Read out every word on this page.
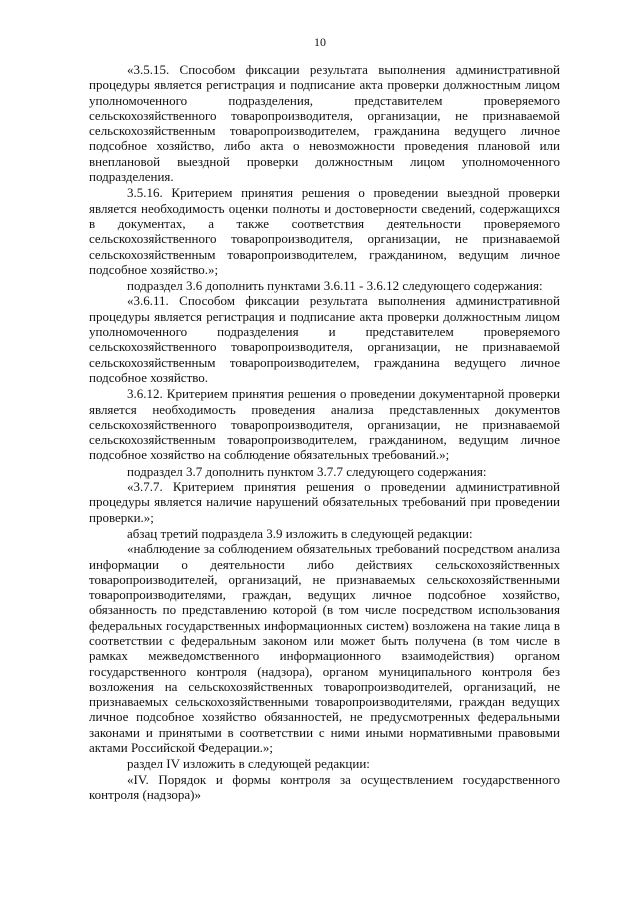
10

«3.5.15. Способом фиксации результата выполнения административной процедуры является регистрация и подписание акта проверки должностным лицом уполномоченного подразделения, представителем проверяемого сельскохозяйственного товаропроизводителя, организации, не признаваемой сельскохозяйственным товаропроизводителем, гражданина ведущего личное подсобное хозяйство, либо акта о невозможности проведения плановой или внеплановой выездной проверки должностным лицом уполномоченного подразделения.

3.5.16. Критерием принятия решения о проведении выездной проверки является необходимость оценки полноты и достоверности сведений, содержащихся в документах, а также соответствия деятельности проверяемого сельскохозяйственного товаропроизводителя, организации, не признаваемой сельскохозяйственным товаропроизводителем, гражданином, ведущим личное подсобное хозяйство.»;

подраздел 3.6 дополнить пунктами 3.6.11 - 3.6.12 следующего содержания:

«3.6.11. Способом фиксации результата выполнения административной процедуры является регистрация и подписание акта проверки должностным лицом уполномоченного подразделения и представителем проверяемого сельскохозяйственного товаропроизводителя, организации, не признаваемой сельскохозяйственным товаропроизводителем, гражданина ведущего личное подсобное хозяйство.

3.6.12. Критерием принятия решения о проведении документарной проверки является необходимость проведения анализа представленных документов сельскохозяйственного товаропроизводителя, организации, не признаваемой сельскохозяйственным товаропроизводителем, гражданином, ведущим личное подсобное хозяйство на соблюдение обязательных требований.»;

подраздел 3.7 дополнить пунктом 3.7.7 следующего содержания:

«3.7.7. Критерием принятия решения о проведении административной процедуры является наличие нарушений обязательных требований при проведении проверки.»;

абзац третий подраздела 3.9 изложить в следующей редакции:

«наблюдение за соблюдением обязательных требований посредством анализа информации о деятельности либо действиях сельскохозяйственных товаропроизводителей, организаций, не признаваемых сельскохозяйственными товаропроизводителями, граждан, ведущих личное подсобное хозяйство, обязанность по представлению которой (в том числе посредством использования федеральных государственных информационных систем) возложена на такие лица в соответствии с федеральным законом или может быть получена (в том числе в рамках межведомственного информационного взаимодействия) органом государственного контроля (надзора), органом муниципального контроля без возложения на сельскохозяйственных товаропроизводителей, организаций, не признаваемых сельскохозяйственными товаропроизводителями, граждан ведущих личное подсобное хозяйство обязанностей, не предусмотренных федеральными законами и принятыми в соответствии с ними иными нормативными правовыми актами Российской Федерации.»;

раздел IV изложить в следующей редакции:

«IV. Порядок и формы контроля за осуществлением государственного контроля (надзора)»
